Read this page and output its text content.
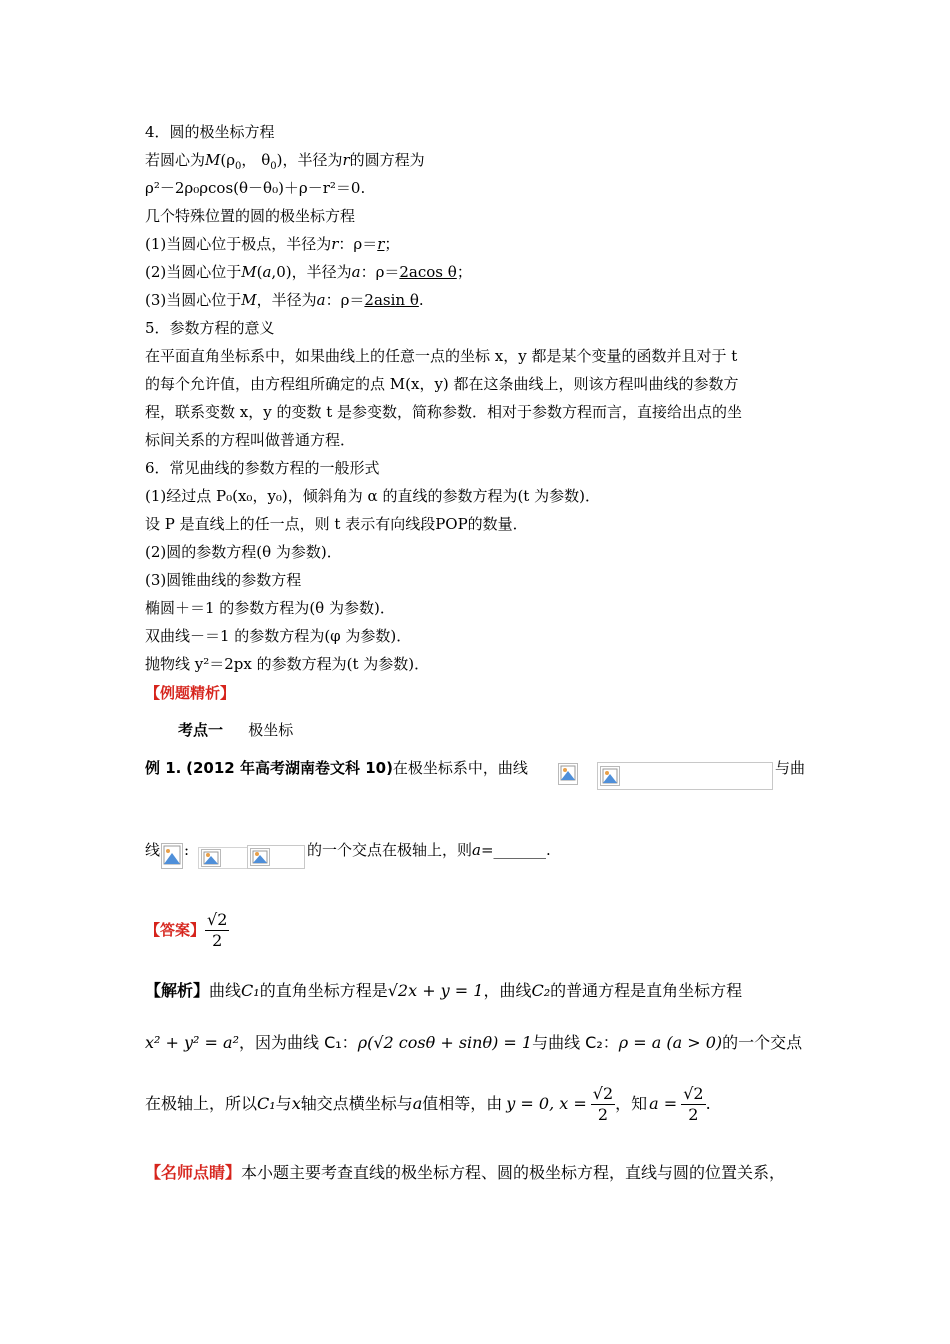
4．圆的极坐标方程
若圆心为$M(\rho_0$， $\theta_0$)，半径为r的圆方程为
ρ²－2ρ₀ρcos(θ－θ₀)＋ρ－r²＝0.
几个特殊位置的圆的极坐标方程
(1)当圆心位于极点，半径为r：ρ＝r；
(2)当圆心位于M(a,0)，半径为a：ρ＝2acos θ；
(3)当圆心位于M，半径为a：ρ＝2asin θ.
5．参数方程的意义
在平面直角坐标系中，如果曲线上的任意一点的坐标 x，y 都是某个变量的函数并且对于 t
的每个允许值，由方程组所确定的点 M(x，y) 都在这条曲线上，则该方程叫曲线的参数方
程，联系变数 x，y 的变数 t 是参变数，简称参数．相对于参数方程而言，直接给出点的坐
标间关系的方程叫做普通方程．
6．常见曲线的参数方程的一般形式
(1)经过点 P₀(x₀，y₀)，倾斜角为 α 的直线的参数方程为(t 为参数)．
设 P 是直线上的任一点，则 t 表示有向线段POP的数量．
(2)圆的参数方程(θ 为参数)．
(3)圆锥曲线的参数方程
椭圆＋＝1 的参数方程为(θ 为参数)．
双曲线－＝1 的参数方程为(φ 为参数)．
抛物线 y²＝2px 的参数方程为(t 为参数)．
【例题精析】
考点一 极坐标
例 1. (2012 年高考湖南卷文科 10)在极坐标系中，曲线	与曲
线 :	的一个交点在极轴上，则a=_______.
【答案】 $\frac{√2}{2}$
【解析】曲线C₁的直角坐标方程是√2x + y = 1，曲线C₂的普通方程是直角坐标方程
x² + y² = a²，因为曲线 C₁：ρ(√2 cosθ + sinθ) = 1与曲线 C₂：ρ = a (a > 0)的一个交点
在极轴上，所以 C₁ 与 x 轴交点横坐标与 a 值相等，由 y = 0, $x = \frac{√2}{2}$ ，知 $a = \frac{√2}{2}$ .
【名师点睛】本小题主要考查直线的极坐标方程、圆的极坐标方程，直线与圆的位置关系，
